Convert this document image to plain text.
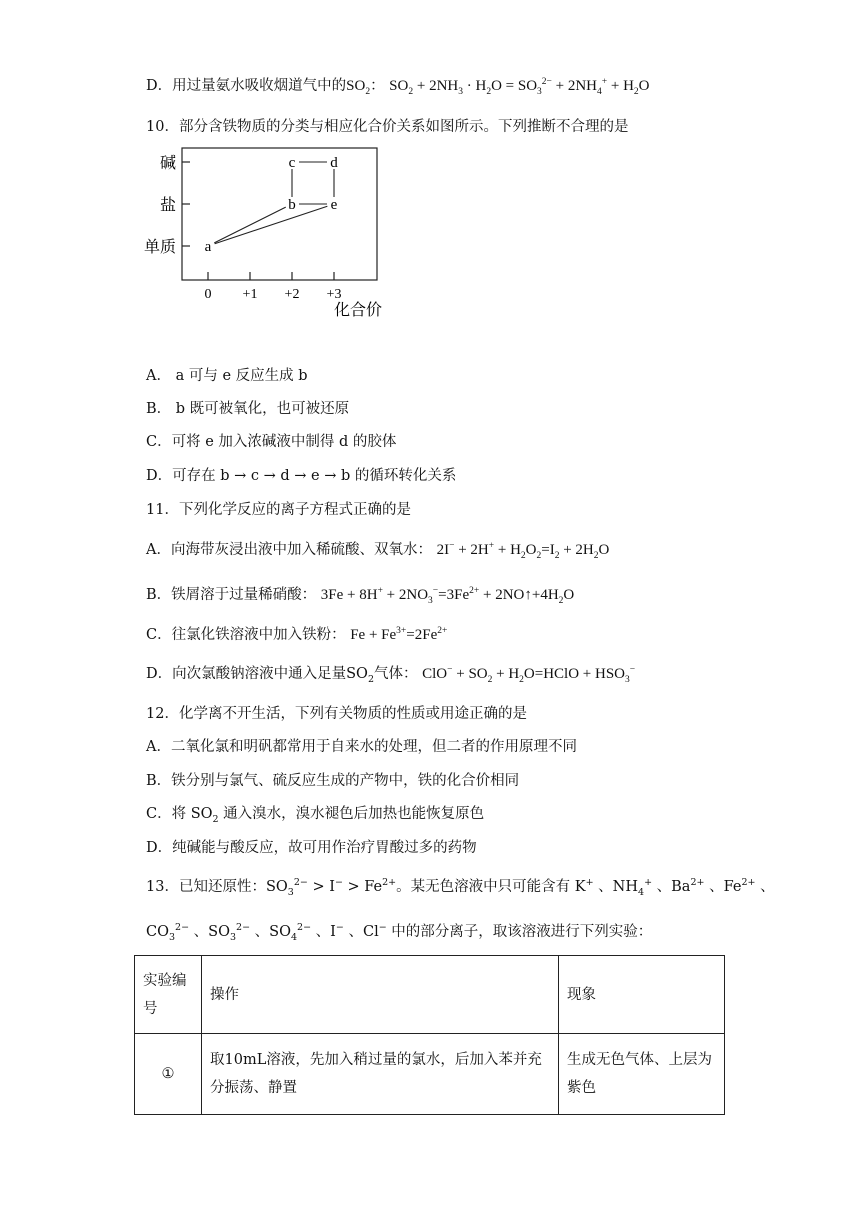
D．用过量氨水吸收烟道气中的$SO_2$： $SO_2 + 2NH_3 \cdot H_2O = SO_3^{2-} + 2NH_4^+ + H_2O$
10．部分含铁物质的分类与相应化合价关系如图所示。下列推断不合理的是
单质
盐
碱
0 +1 +2 +3
a
b e
c d
化合价
A． a 可与 e 反应生成 b
B． b 既可被氧化，也可被还原
C．可将 e 加入浓碱液中制得 d 的胶体
D．可存在 b → c → d → e → b 的循环转化关系
11．下列化学反应的离子方程式正确的是
A．向海带灰浸出液中加入稀硫酸、双氧水： $2I^- + 2H^+ + H_2O_2=I_2 + 2H_2O$
B．铁屑溶于过量稀硝酸： $3Fe + 8H^+ + 2NO_3^-=3Fe^{2+}$ + $2NO↑+4H_2O$
C．往氯化铁溶液中加入铁粉： $Fe + Fe^{3+}=2Fe^{2+}$
D．向次氯酸钠溶液中通入足量$SO_2$气体： $ClO^- + SO_2$ + $H_2O=HClO + HSO_3^-$
12．化学离不开生活，下列有关物质的性质或用途正确的是
A．二氧化氯和明矾都常用于自来水的处理，但二者的作用原理不同
B．铁分别与氯气、硫反应生成的产物中，铁的化合价相同
C．将 $SO_2$ 通入溴水，溴水褪色后加热也能恢复原色
D．纯碱能与酸反应，故可用作治疗胃酸过多的药物
13．已知还原性：$SO_3^{2-} > I^- > Fe^{2+}$。某无色溶液中只可能含有 K+ 、$NH_4^+$ 、$Ba^{2+}$ 、$Fe^{2+}$ 、
$CO_3^{2-}$ 、$SO_3^{2-}$ 、$SO_4^{2-}$ 、I− 、Cl− 中的部分离子，取该溶液进行下列实验：
实验编号	操作	现象
①	取10mL溶液，先加入稍过量的氯水，后加入苯并充分振荡、静置	生成无色气体、上层为紫色
